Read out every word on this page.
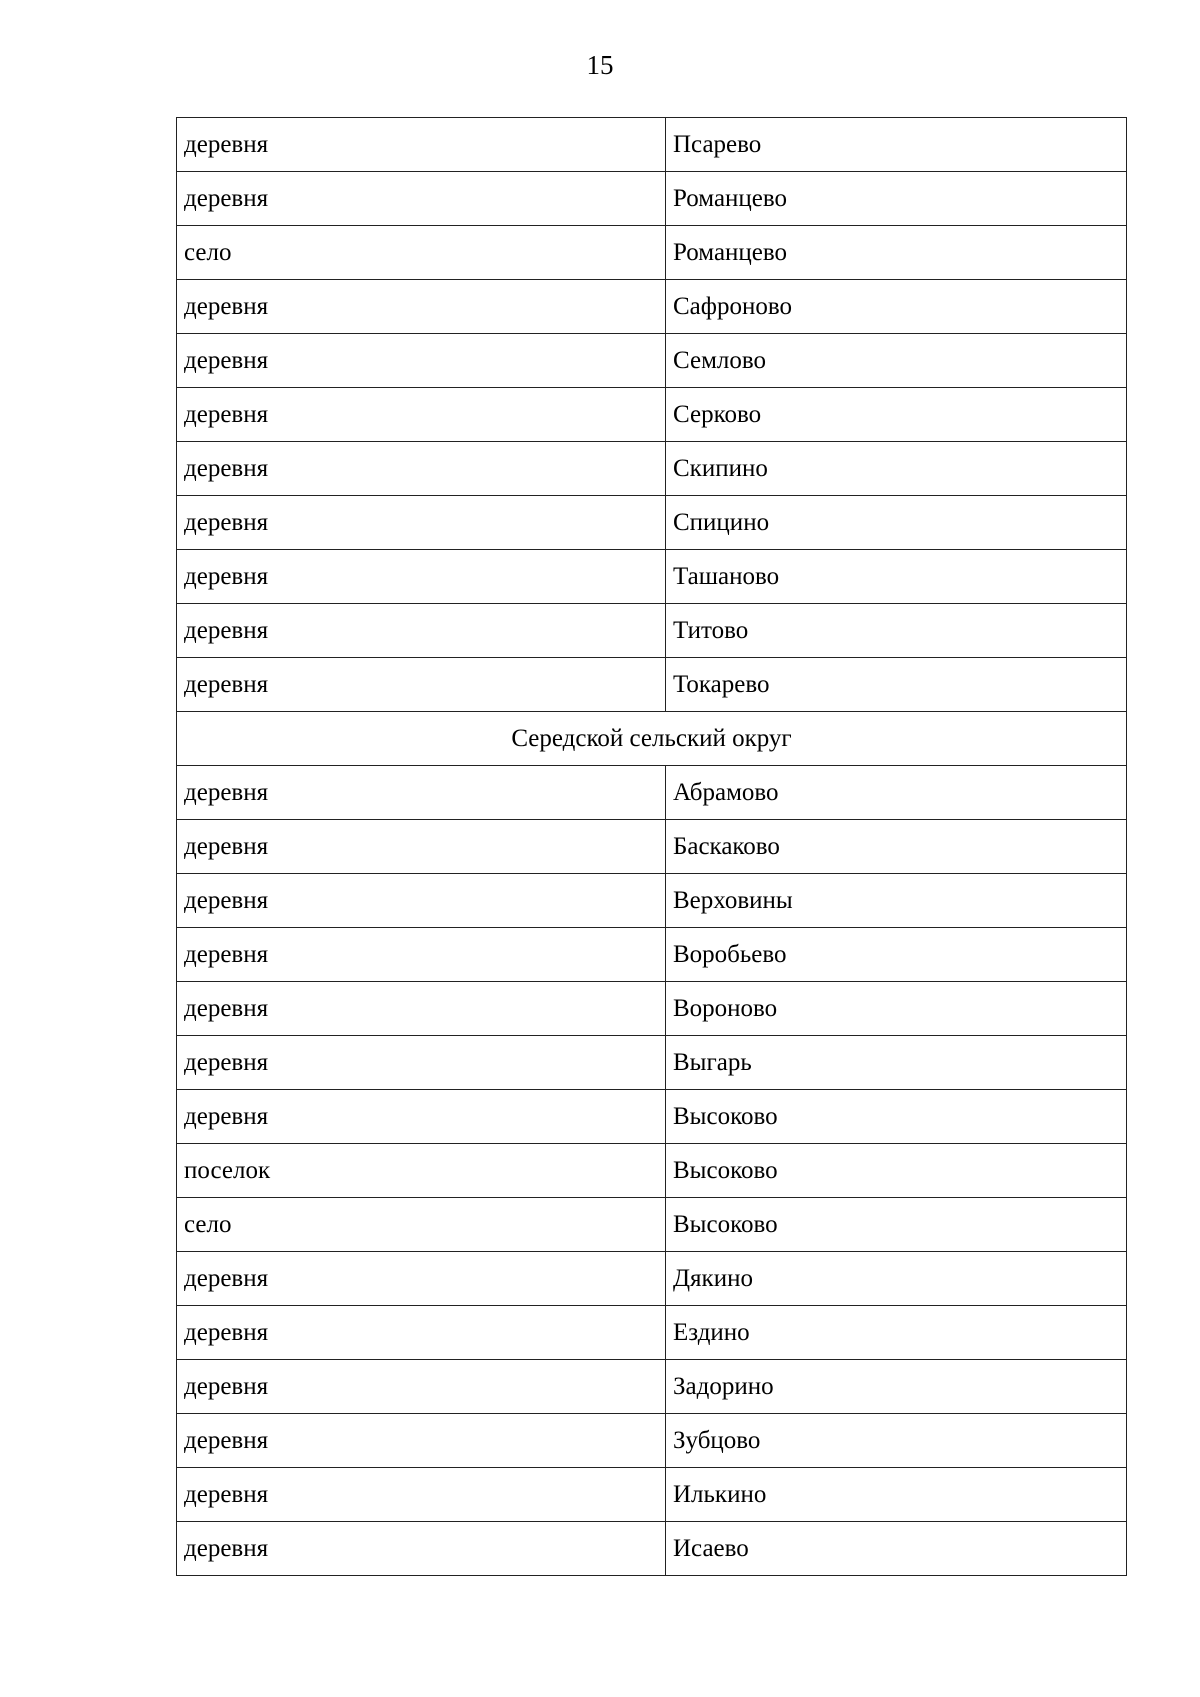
15
деревня	Псарево
деревня	Романцево
село	Романцево
деревня	Сафроново
деревня	Семлово
деревня	Серково
деревня	Скипино
деревня	Спицино
деревня	Ташаново
деревня	Титово
деревня	Токарево
Середской сельский округ	
деревня	Абрамово
деревня	Баскаково
деревня	Верховины
деревня	Воробьево
деревня	Вороново
деревня	Выгарь
деревня	Высоково
поселок	Высоково
село	Высоково
деревня	Дякино
деревня	Ездино
деревня	Задорино
деревня	Зубцово
деревня	Илькино
деревня	Исаево
